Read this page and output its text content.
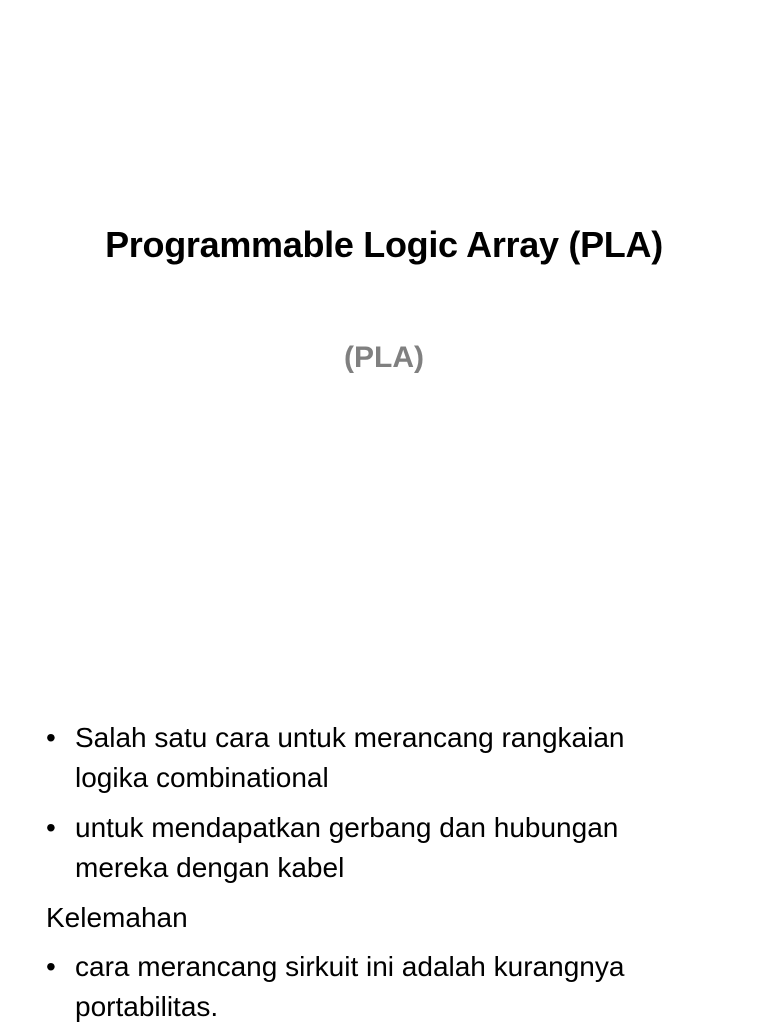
Programmable Logic Array (PLA)
(PLA)
• Salah satu cara untuk merancang rangkaian
logika combinational
• untuk mendapatkan gerbang dan hubungan
mereka dengan kabel
Kelemahan
• cara merancang sirkuit ini adalah kurangnya
portabilitas.
